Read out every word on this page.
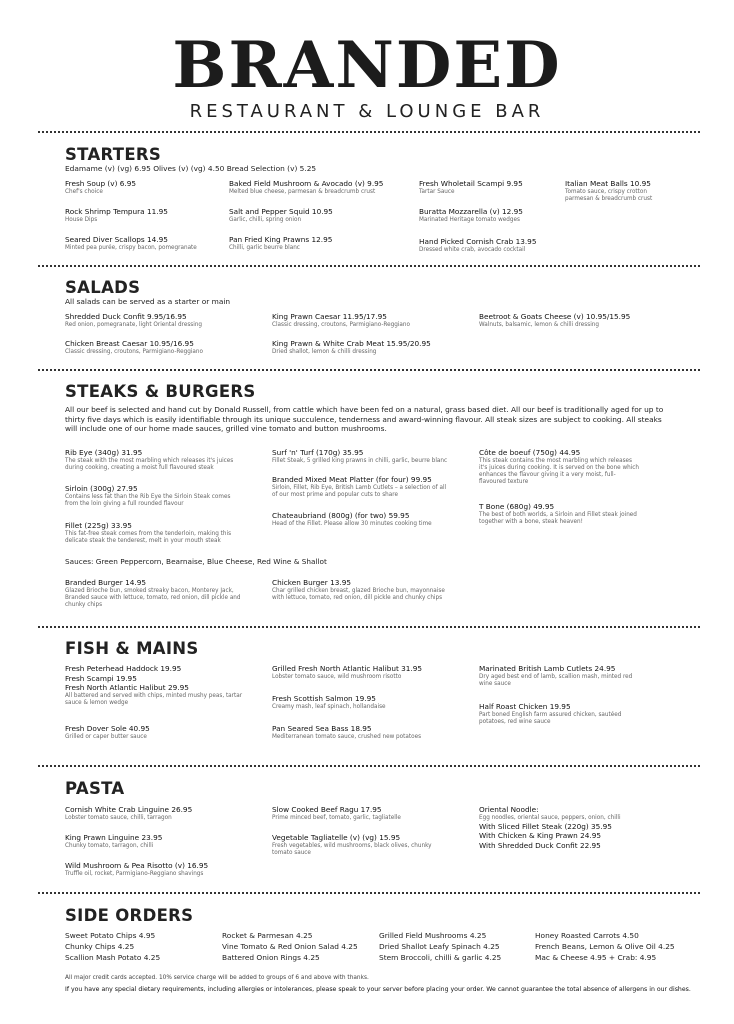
BRANDED
RESTAURANT & LOUNGE BAR
STARTERS
Edamame (v) (vg) 6.95 Olives (v) (vg) 4.50 Bread Selection (v) 5.25
Fresh Soup (v) 6.95
Chef's choice
Rock Shrimp Tempura 11.95
House Dips
Seared Diver Scallops 14.95
Minted pea purée, crispy bacon, pomegranate
Baked Field Mushroom & Avocado (v) 9.95
Melted blue cheese, parmesan & breadcrumb crust
Salt and Pepper Squid 10.95
Garlic, chilli, spring onion
Pan Fried King Prawns 12.95
Chilli, garlic beurre blanc
Fresh Wholetail Scampi 9.95
Tartar Sauce
Buratta Mozzarella (v) 12.95
Marinated Heritage tomato wedges
Hand Picked Cornish Crab 13.95
Dressed white crab, avocado cocktail
Italian Meat Balls 10.95
Tomato sauce, crispy crotton parmesan & breadcrumb crust
SALADS
All salads can be served as a starter or main
Shredded Duck Confit 9.95/16.95
Red onion, pomegranate, light Oriental dressing
Chicken Breast Caesar 10.95/16.95
Classic dressing, croutons, Parmigiano-Reggiano
King Prawn Caesar 11.95/17.95
Classic dressing, croutons, Parmigiano-Reggiano
King Prawn & White Crab Meat 15.95/20.95
Dried shallot, lemon & chilli dressing
Beetroot & Goats Cheese (v) 10.95/15.95
Walnuts, balsamic, lemon & chilli dressing
STEAKS & BURGERS
All our beef is selected and hand cut by Donald Russell, from cattle which have been fed on a natural, grass based diet. All our beef is traditionally aged for up to thirty five days which is easily identifiable through its unique succulence, tenderness and award-winning flavour. All steak sizes are subject to cooking. All steaks will include one of our home made sauces, grilled vine tomato and button mushrooms.
Rib Eye (340g) 31.95
The steak with the most marbling which releases it's juices during cooking, creating a moist full flavoured steak
Sirloin (300g) 27.95
Contains less fat than the Rib Eye the Sirloin Steak comes from the loin giving a full rounded flavour
Fillet (225g) 33.95
This fat-free steak comes from the tenderloin, making this delicate steak the tenderest, melt in your mouth steak
Surf 'n' Turf (170g) 35.95
Fillet Steak, 5 grilled king prawns in chilli, garlic, beurre blanc
Branded Mixed Meat Platter (for four) 99.95
Sirloin, Fillet, Rib Eye, British Lamb Cutlets – a selection of all of our most prime and popular cuts to share
Chateaubriand (800g) (for two) 59.95
Head of the Fillet. Please allow 30 minutes cooking time
Côte de boeuf (750g) 44.95
This steak contains the most marbling which releases it's juices during cooking. It is served on the bone which enhances the flavour giving it a very moist, full-flavoured texture
T Bone (680g) 49.95
The best of both worlds, a Sirloin and Fillet steak joined together with a bone, steak heaven!
Sauces: Green Peppercorn, Bearnaise, Blue Cheese, Red Wine & Shallot
Branded Burger 14.95
Glazed Brioche bun, smoked streaky bacon, Monterey Jack, Branded sauce with lettuce, tomato, red onion, dill pickle and chunky chips
Chicken Burger 13.95
Char grilled chicken breast, glazed Brioche bun, mayonnaise with lettuce, tomato, red onion, dill pickle and chunky chips
FISH & MAINS
Fresh Peterhead Haddock 19.95
Fresh Scampi 19.95
Fresh North Atlantic Halibut 29.95
All battered and served with chips, minted mushy peas, tartar sauce & lemon wedge
Fresh Dover Sole 40.95
Grilled or caper butter sauce
Grilled Fresh North Atlantic Halibut 31.95
Lobster tomato sauce, wild mushroom risotto
Fresh Scottish Salmon 19.95
Creamy mash, leaf spinach, hollandaise
Pan Seared Sea Bass 18.95
Mediterranean tomato sauce, crushed new potatoes
Marinated British Lamb Cutlets 24.95
Dry aged best end of lamb, scallion mash, minted red wine sauce
Half Roast Chicken 19.95
Part boned English farm assured chicken, sautéed potatoes, red wine sauce
PASTA
Cornish White Crab Linguine 26.95
Lobster tomato sauce, chilli, tarragon
King Prawn Linguine 23.95
Chunky tomato, tarragon, chilli
Wild Mushroom & Pea Risotto (v) 16.95
Truffle oil, rocket, Parmigiano-Reggiano shavings
Slow Cooked Beef Ragu 17.95
Prime minced beef, tomato, garlic, tagliatelle
Vegetable Tagliatelle (v) (vg) 15.95
Fresh vegetables, wild mushrooms, black olives, chunky tomato sauce
Oriental Noodle:
Egg noodles, oriental sauce, peppers, onion, chilli
With Sliced Fillet Steak (220g) 35.95
With Chicken & King Prawn 24.95
With Shredded Duck Confit 22.95
SIDE ORDERS
Sweet Potato Chips 4.95
Chunky Chips 4.25
Scallion Mash Potato 4.25
Rocket & Parmesan 4.25
Vine Tomato & Red Onion Salad 4.25
Battered Onion Rings 4.25
Grilled Field Mushrooms 4.25
Dried Shallot Leafy Spinach 4.25
Stem Broccoli, chilli & garlic 4.25
Honey Roasted Carrots 4.50
French Beans, Lemon & Olive Oil 4.25
Mac & Cheese 4.95 + Crab: 4.95
All major credit cards accepted. 10% service charge will be added to groups of 6 and above with thanks.
If you have any special dietary requirements, including allergies or intolerances, please speak to your server before placing your order. We cannot guarantee the total absence of allergens in our dishes.
